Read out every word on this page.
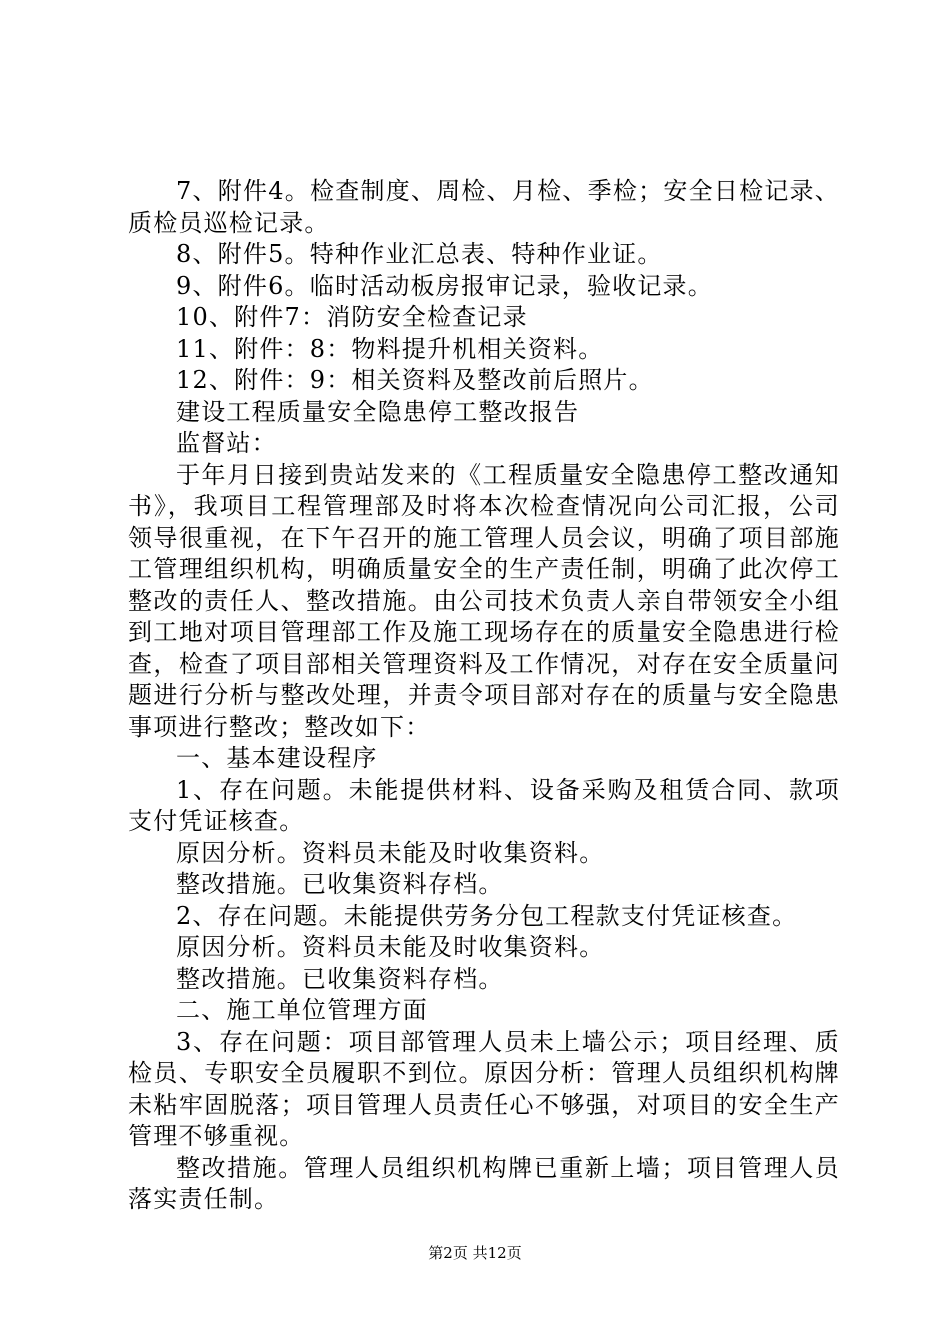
7、附件4。检查制度、周检、月检、季检；安全日检记录、质检员巡检记录。

8、附件5。特种作业汇总表、特种作业证。

9、附件6。临时活动板房报审记录，验收记录。

10、附件7：消防安全检查记录

11、附件：8：物料提升机相关资料。

12、附件：9：相关资料及整改前后照片。

建设工程质量安全隐患停工整改报告

监督站：

于年月日接到贵站发来的《工程质量安全隐患停工整改通知书》，我项目工程管理部及时将本次检查情况向公司汇报，公司领导很重视，在下午召开的施工管理人员会议，明确了项目部施工管理组织机构，明确质量安全的生产责任制，明确了此次停工整改的责任人、整改措施。由公司技术负责人亲自带领安全小组到工地对项目管理部工作及施工现场存在的质量安全隐患进行检查，检查了项目部相关管理资料及工作情况，对存在安全质量问题进行分析与整改处理，并责令项目部对存在的质量与安全隐患事项进行整改；整改如下：

一、基本建设程序

1、存在问题。未能提供材料、设备采购及租赁合同、款项支付凭证核查。

原因分析。资料员未能及时收集资料。

整改措施。已收集资料存档。

2、存在问题。未能提供劳务分包工程款支付凭证核查。

原因分析。资料员未能及时收集资料。

整改措施。已收集资料存档。

二、施工单位管理方面

3、存在问题：项目部管理人员未上墙公示；项目经理、质检员、专职安全员履职不到位。原因分析：管理人员组织机构牌未粘牢固脱落；项目管理人员责任心不够强，对项目的安全生产管理不够重视。

整改措施。管理人员组织机构牌已重新上墙；项目管理人员落实责任制。

第2页 共12页
